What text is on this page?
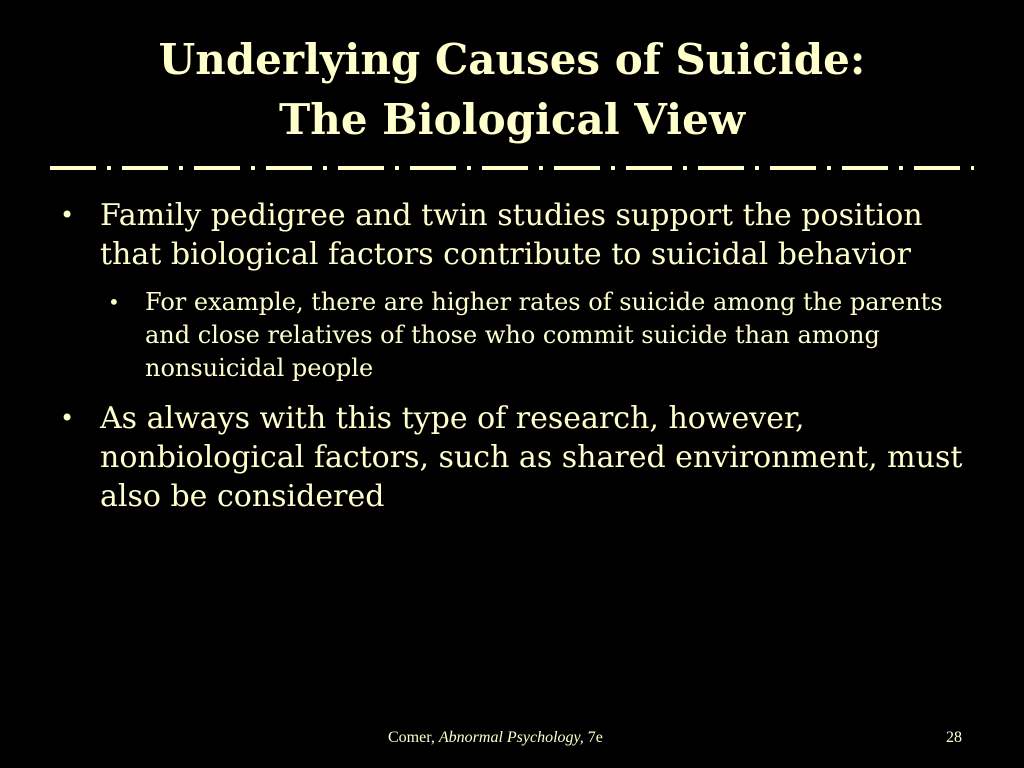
Underlying Causes of Suicide:
The Biological View
• Family pedigree and twin studies support the position that biological factors contribute to suicidal behavior
• For example, there are higher rates of suicide among the parents and close relatives of those who commit suicide than among nonsuicidal people
• As always with this type of research, however, nonbiological factors, such as shared environment, must also be considered
Comer, Abnormal Psychology, 7e	28
